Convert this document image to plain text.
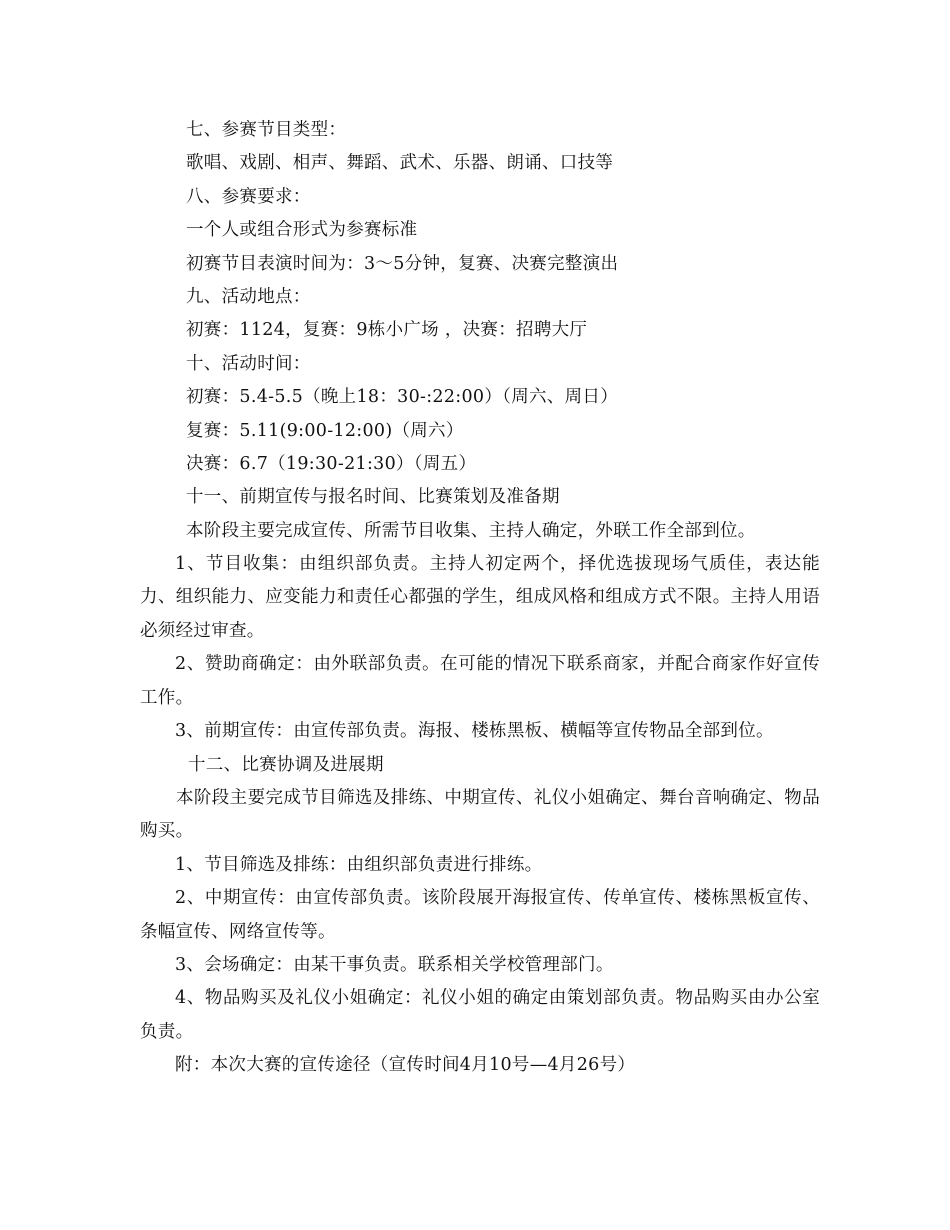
七、参赛节目类型：
歌唱、戏剧、相声、舞蹈、武术、乐器、朗诵、口技等
八、参赛要求：
一个人或组合形式为参赛标准
初赛节目表演时间为：3～5分钟，复赛、决赛完整演出
九、活动地点：
初赛：1124，复赛：9栋小广场 ，决赛：招聘大厅
十、活动时间：
初赛：5.4-5.5（晚上18：30-:22:00）（周六、周日）
复赛：5.11(9:00-12:00)（周六）
决赛：6.7（19:30-21:30）（周五）
十一、前期宣传与报名时间、比赛策划及准备期
本阶段主要完成宣传、所需节目收集、主持人确定，外联工作全部到位。
1、节目收集：由组织部负责。主持人初定两个，择优选拔现场气质佳，表达能力、组织能力、应变能力和责任心都强的学生，组成风格和组成方式不限。主持人用语必须经过审查。
2、赞助商确定：由外联部负责。在可能的情况下联系商家，并配合商家作好宣传工作。
3、前期宣传：由宣传部负责。海报、楼栋黑板、横幅等宣传物品全部到位。
十二、比赛协调及进展期
本阶段主要完成节目筛选及排练、中期宣传、礼仪小姐确定、舞台音响确定、物品购买。
1、节目筛选及排练：由组织部负责进行排练。
2、中期宣传：由宣传部负责。该阶段展开海报宣传、传单宣传、楼栋黑板宣传、条幅宣传、网络宣传等。
3、会场确定：由某干事负责。联系相关学校管理部门。
4、物品购买及礼仪小姐确定：礼仪小姐的确定由策划部负责。物品购买由办公室负责。
附：本次大赛的宣传途径（宣传时间4月10号—4月26号）
